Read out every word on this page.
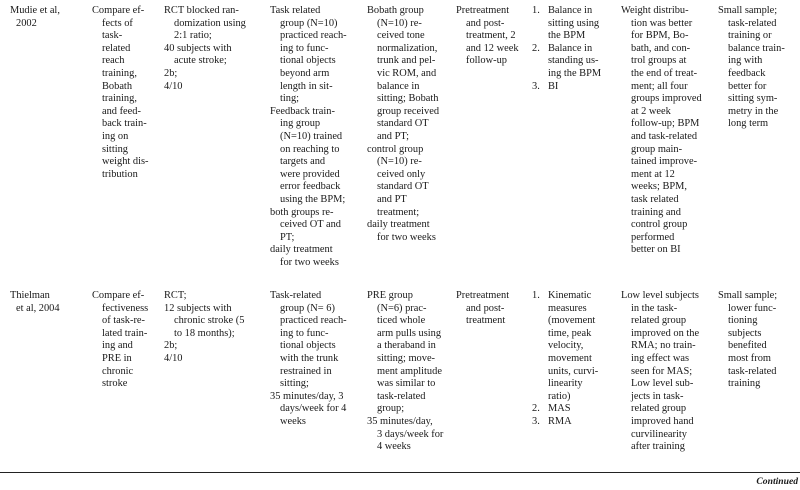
Mudie et al,
2002
Compare ef-
fects of
task-
related
reach
training,
Bobath
training,
and feed-
back train-
ing on
sitting
weight dis-
tribution
RCT blocked ran-
domization using
2:1 ratio;
40 subjects with
acute stroke;
2b;
4/10
Task related
group (N=10)
practiced reach-
ing to func-
tional objects
beyond arm
length in sit-
ting;
Feedback train-
ing group
(N=10) trained
on reaching to
targets and
were provided
error feedback
using the BPM;
both groups re-
ceived OT and
PT;
daily treatment
for two weeks
Bobath group
(N=10) re-
ceived tone
normalization,
trunk and pel-
vic ROM, and
balance in
sitting; Bobath
group received
standard OT
and PT;
control group
(N=10) re-
ceived only
standard OT
and PT
treatment;
daily treatment
for two weeks
Pretreatment
and post-
treatment, 2
and 12 week
follow-up
1. Balance in
sitting using
the BPM
2. Balance in
standing us-
ing the BPM
3. BI
Weight distribu-
tion was better
for BPM, Bo-
bath, and con-
trol groups at
the end of treat-
ment; all four
groups improved
at 2 week
follow-up; BPM
and task-related
group main-
tained improve-
ment at 12
weeks; BPM,
task related
training and
control group
performed
better on BI
Small sample;
task-related
training or
balance train-
ing with
feedback
better for
sitting sym-
metry in the
long term
Thielman
et al, 2004
Compare ef-
fectiveness
of task-re-
lated train-
ing and
PRE in
chronic
stroke
RCT;
12 subjects with
chronic stroke (5
to 18 months);
2b;
4/10
Task-related
group (N= 6)
practiced reach-
ing to func-
tional objects
with the trunk
restrained in
sitting;
35 minutes/day, 3
days/week for 4
weeks
PRE group
(N=6) prac-
ticed whole
arm pulls using
a theraband in
sitting; move-
ment amplitude
was similar to
task-related
group;
35 minutes/day,
3 days/week for
4 weeks
Pretreatment
and post-
treatment
1. Kinematic
measures
(movement
time, peak
velocity,
movement
units, curvi-
linearity
ratio)
2. MAS
3. RMA
Low level subjects
in the task-
related group
improved on the
RMA; no train-
ing effect was
seen for MAS;
Low level sub-
jects in task-
related group
improved hand
curvilinearity
after training
Small sample;
lower func-
tioning
subjects
benefited
most from
task-related
training
Continued
